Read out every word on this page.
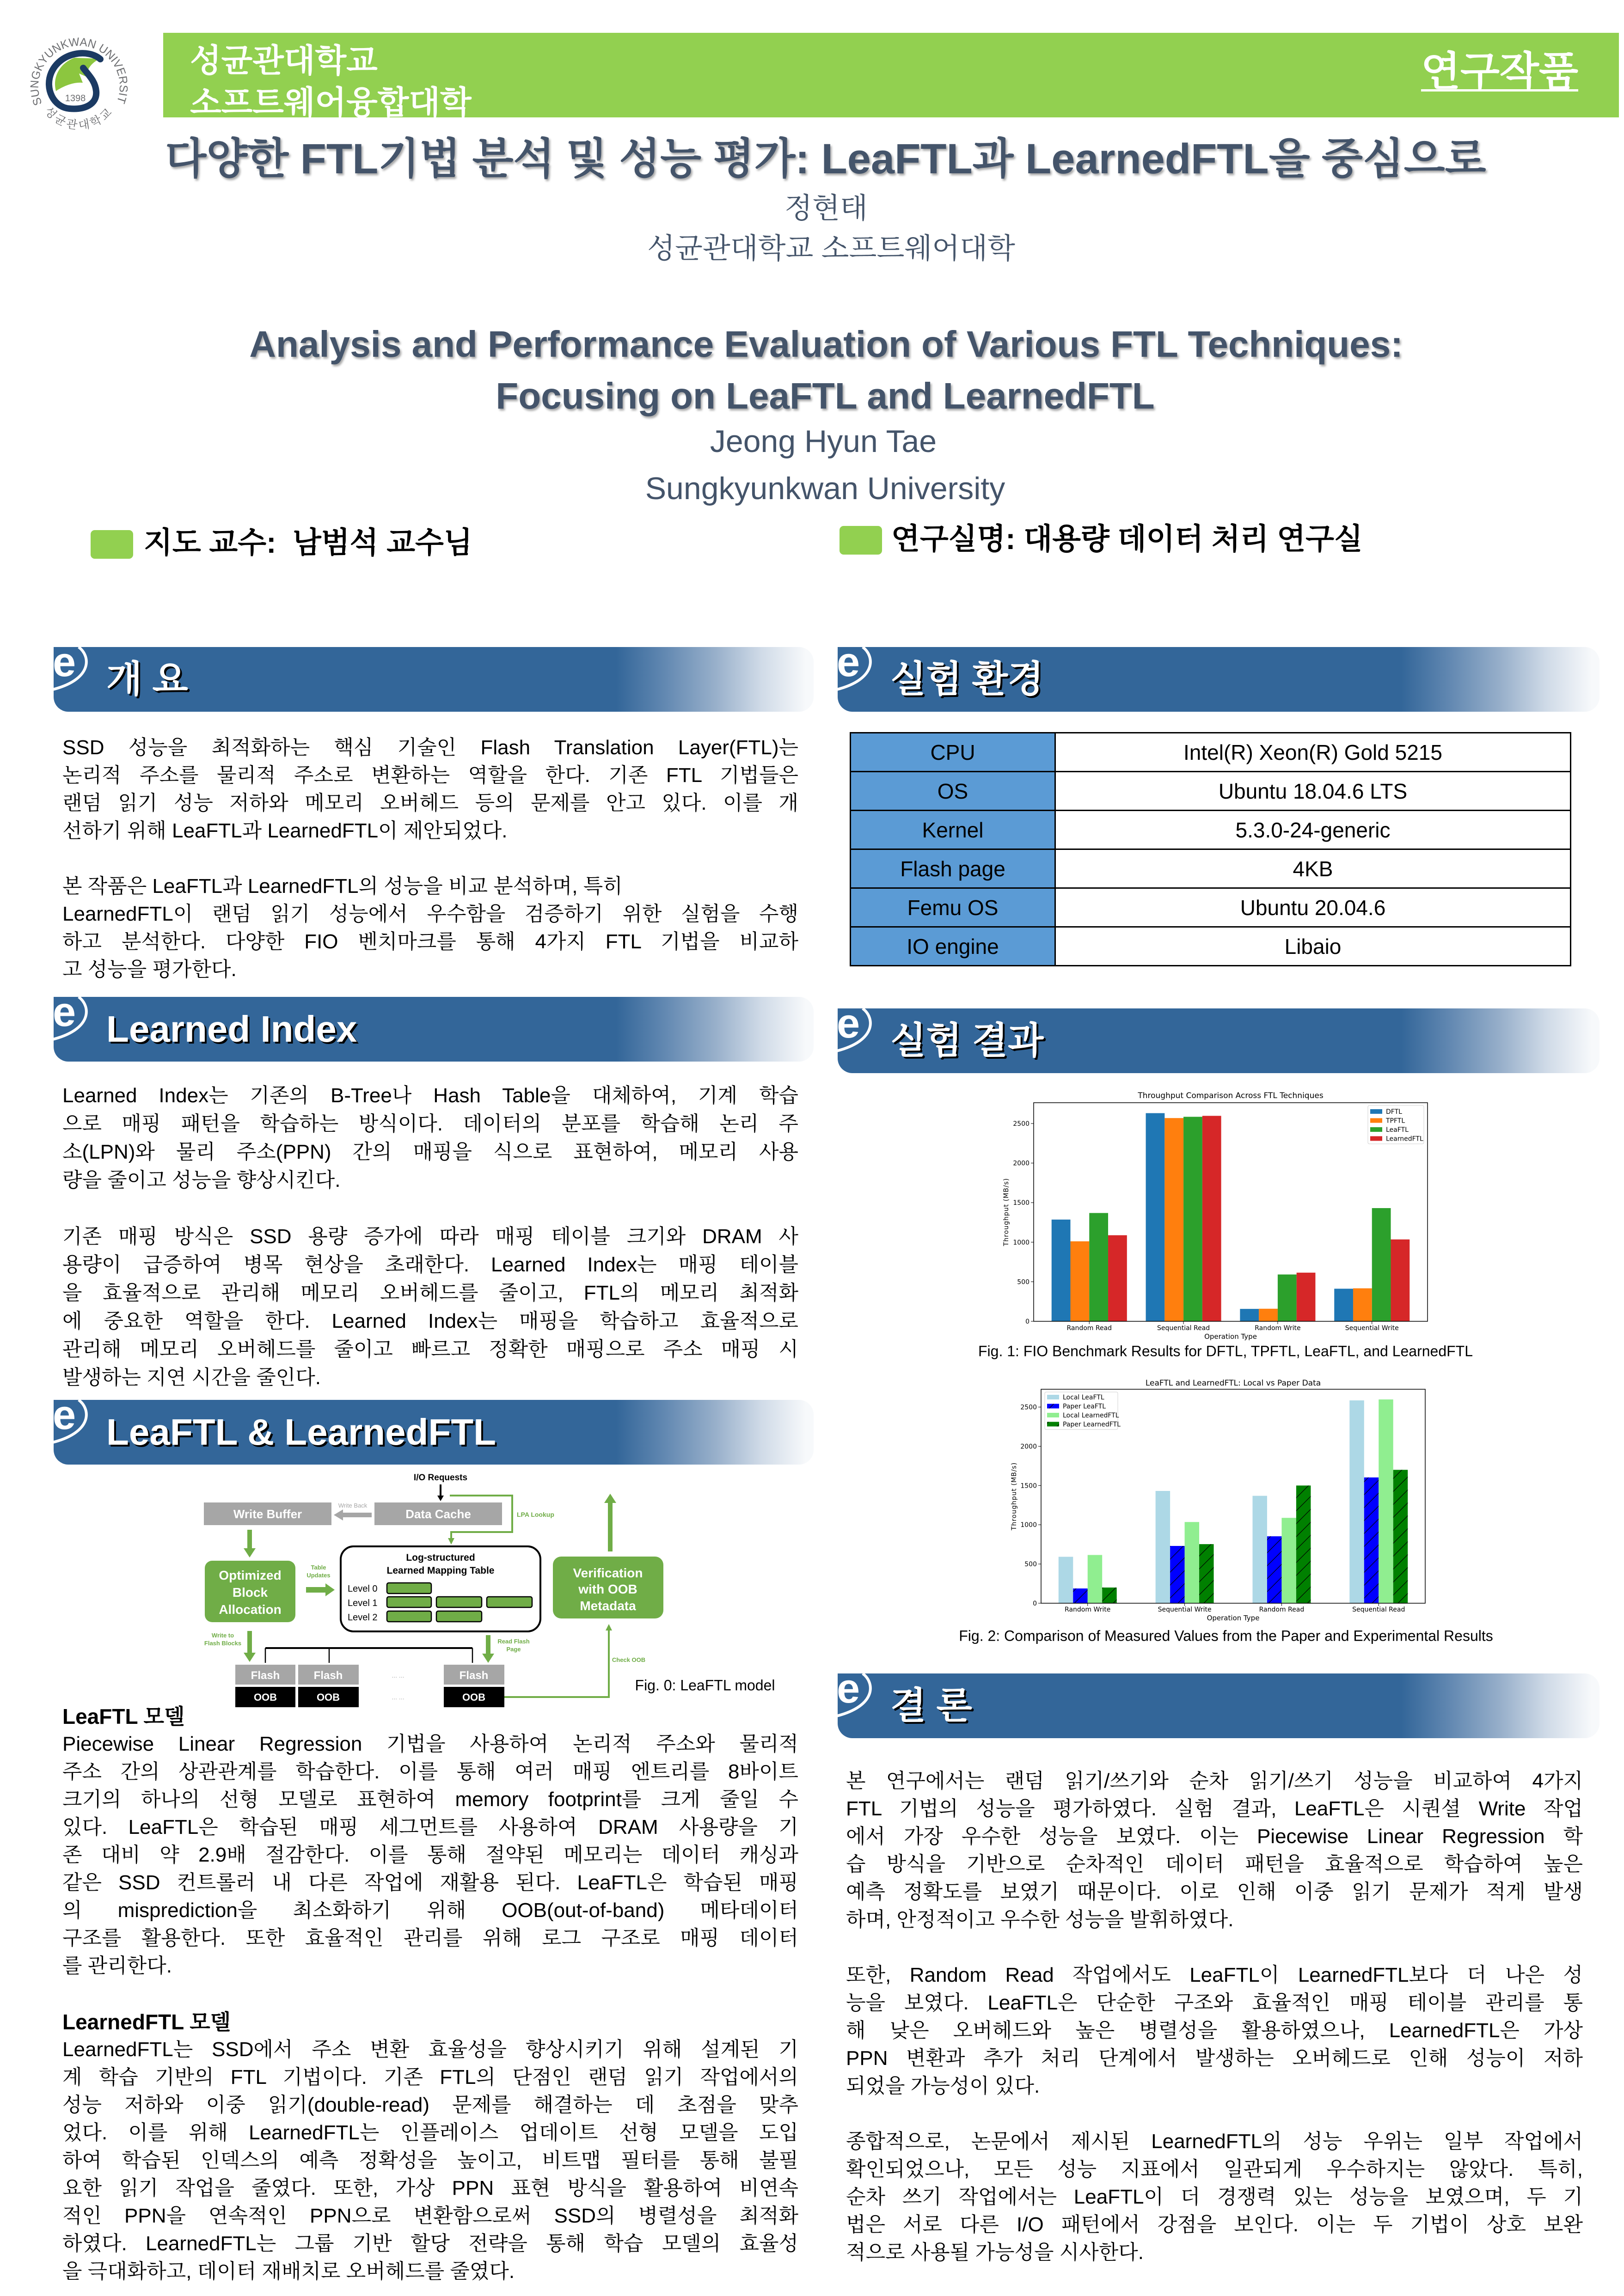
SUNGKYUNKWAN UNIVERSITY
1398
성균관대학교
성균관대학교
소프트웨어융합대학
연구작품
다양한 FTL기법 분석 및 성능 평가: LeaFTL과 LearnedFTL을 중심으로
정현태
성균관대학교 소프트웨어대학
Analysis and Performance Evaluation of Various FTL Techniques:
Focusing on LeaFTL and LearnedFTL
Jeong Hyun Tae
Sungkyunkwan University
지도 교수:  남범석 교수님	연구실명: 대용량 데이터 처리 연구실
e 개 요
SSD 성능을 최적화하는 핵심 기술인 Flash Translation Layer(FTL)는
논리적 주소를 물리적 주소로 변환하는 역할을 한다. 기존 FTL 기법들은
랜덤 읽기 성능 저하와 메모리 오버헤드 등의 문제를 안고 있다. 이를 개
선하기 위해 LeaFTL과 LearnedFTL이 제안되었다.
본 작품은 LeaFTL과 LearnedFTL의 성능을 비교 분석하며, 특히
LearnedFTL이 랜덤 읽기 성능에서 우수함을 검증하기 위한 실험을 수행
하고 분석한다. 다양한 FIO 벤치마크를 통해 4가지 FTL 기법을 비교하
고 성능을 평가한다.
e Learned Index
Learned Index는 기존의 B-Tree나 Hash Table을 대체하여, 기계 학습
으로 매핑 패턴을 학습하는 방식이다. 데이터의 분포를 학습해 논리 주
소(LPN)와 물리 주소(PPN) 간의 매핑을 식으로 표현하여, 메모리 사용
량을 줄이고 성능을 향상시킨다.
기존 매핑 방식은 SSD 용량 증가에 따라 매핑 테이블 크기와 DRAM 사
용량이 급증하여 병목 현상을 초래한다. Learned Index는 매핑 테이블
을 효율적으로 관리해 메모리 오버헤드를 줄이고, FTL의 메모리 최적화
에 중요한 역할을 한다. Learned Index는 매핑을 학습하고 효율적으로
관리해 메모리 오버헤드를 줄이고 빠르고 정확한 매핑으로 주소 매핑 시
발생하는 지연 시간을 줄인다.
e LeaFTL & LearnedFTL
I/O Requests
Write Buffer	Data Cache
Write Back
LPA Lookup
Optimized
Block
Allocation
Table
Updates
Log-structured
Learned Mapping Table
Level 0
Level 1
Level 2
Verification
with OOB
Metadata
Write to
Flash Blocks	Read Flash
Page
Flash	Flash	Flash
OOB	OOB	OOB
... ...
... ...
Check OOB
Fig. 0: LeaFTL model
LeaFTL 모델
Piecewise Linear Regression 기법을 사용하여 논리적 주소와 물리적
주소 간의 상관관계를 학습한다. 이를 통해 여러 매핑 엔트리를 8바이트
크기의 하나의 선형 모델로 표현하여 memory footprint를 크게 줄일 수
있다. LeaFTL은 학습된 매핑 세그먼트를 사용하여 DRAM 사용량을 기
존 대비 약 2.9배 절감한다. 이를 통해 절약된 메모리는 데이터 캐싱과
같은 SSD 컨트롤러 내 다른 작업에 재활용 된다. LeaFTL은 학습된 매핑
의 misprediction을 최소화하기 위해 OOB(out-of-band) 메타데이터
구조를 활용한다. 또한 효율적인 관리를 위해 로그 구조로 매핑 데이터
를 관리한다.
LearnedFTL 모델
LearnedFTL는 SSD에서 주소 변환 효율성을 향상시키기 위해 설계된 기
계 학습 기반의 FTL 기법이다. 기존 FTL의 단점인 랜덤 읽기 작업에서의
성능 저하와 이중 읽기(double-read) 문제를 해결하는 데 초점을 맞추
었다. 이를 위해 LearnedFTL는 인플레이스 업데이트 선형 모델을 도입
하여 학습된 인덱스의 예측 정확성을 높이고, 비트맵 필터를 통해 불필
요한 읽기 작업을 줄였다. 또한, 가상 PPN 표현 방식을 활용하여 비연속
적인 PPN을 연속적인 PPN으로 변환함으로써 SSD의 병렬성을 최적화
하였다. LearnedFTL는 그룹 기반 할당 전략을 통해 학습 모델의 효율성
을 극대화하고, 데이터 재배치로 오버헤드를 줄였다.
e 실험 환경
CPU	Intel(R) Xeon(R) Gold 5215
OS	Ubuntu 18.04.6 LTS
Kernel	5.3.0-24-generic
Flash page	4KB
Femu OS	Ubuntu 20.04.6
IO engine	Libaio
e 실험 결과
Throughput Comparison Across FTL Techniques
0
500
1000
1500
2000
2500
Random Read	Sequential Read	Random Write	Sequential Write
Operation Type
Throughput (MB/s)
DFTL
TPFTL
LeaFTL
LearnedFTL
Fig. 1: FIO Benchmark Results for DFTL, TPFTL, LeaFTL, and LearnedFTL
LeaFTL and LearnedFTL: Local vs Paper Data
0
500
1000
1500
2000
2500
Random Write	Sequential Write	Random Read	Sequential Read
Operation Type
Throughput (MB/s)
Local LeaFTL
Paper LeaFTL
Local LearnedFTL
Paper LearnedFTL
Fig. 2: Comparison of Measured Values from the Paper and Experimental Results
e 결 론
본 연구에서는 랜덤 읽기/쓰기와 순차 읽기/쓰기 성능을 비교하여 4가지
FTL 기법의 성능을 평가하였다. 실험 결과, LeaFTL은 시퀀셜 Write 작업
에서 가장 우수한 성능을 보였다. 이는 Piecewise Linear Regression 학
습 방식을 기반으로 순차적인 데이터 패턴을 효율적으로 학습하여 높은
예측 정확도를 보였기 때문이다. 이로 인해 이중 읽기 문제가 적게 발생
하며, 안정적이고 우수한 성능을 발휘하였다.
또한, Random Read 작업에서도 LeaFTL이 LearnedFTL보다 더 나은 성
능을 보였다. LeaFTL은 단순한 구조와 효율적인 매핑 테이블 관리를 통
해 낮은 오버헤드와 높은 병렬성을 활용하였으나, LearnedFTL은 가상
PPN 변환과 추가 처리 단계에서 발생하는 오버헤드로 인해 성능이 저하
되었을 가능성이 있다.
종합적으로, 논문에서 제시된 LearnedFTL의 성능 우위는 일부 작업에서
확인되었으나, 모든 성능 지표에서 일관되게 우수하지는 않았다. 특히,
순차 쓰기 작업에서는 LeaFTL이 더 경쟁력 있는 성능을 보였으며, 두 기
법은 서로 다른 I/O 패턴에서 강점을 보인다. 이는 두 기법이 상호 보완
적으로 사용될 가능성을 시사한다.
